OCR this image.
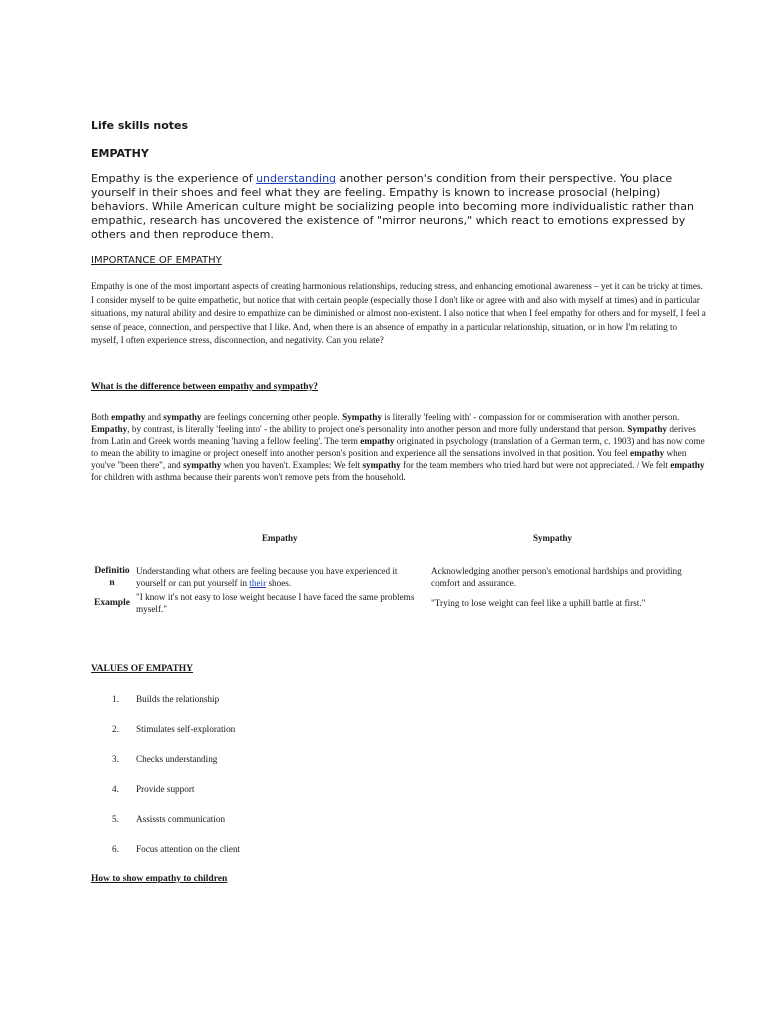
Life skills notes

EMPATHY

Empathy is the experience of understanding another person's condition from their perspective. You place yourself in their shoes and feel what they are feeling. Empathy is known to increase prosocial (helping) behaviors. While American culture might be socializing people into becoming more individualistic rather than empathic, research has uncovered the existence of "mirror neurons," which react to emotions expressed by others and then reproduce them.

IMPORTANCE OF EMPATHY

Empathy is one of the most important aspects of creating harmonious relationships, reducing stress, and enhancing emotional awareness – yet it can be tricky at times. I consider myself to be quite empathetic, but notice that with certain people (especially those I don't like or agree with and also with myself at times) and in particular situations, my natural ability and desire to empathize can be diminished or almost non-existent. I also notice that when I feel empathy for others and for myself, I feel a sense of peace, connection, and perspective that I like. And, when there is an absence of empathy in a particular relationship, situation, or in how I'm relating to myself, I often experience stress, disconnection, and negativity. Can you relate?

What is the difference between empathy and sympathy?

Both empathy and sympathy are feelings concerning other people. Sympathy is literally 'feeling with' - compassion for or commiseration with another person. Empathy, by contrast, is literally 'feeling into' - the ability to project one's personality into another person and more fully understand that person. Sympathy derives from Latin and Greek words meaning 'having a fellow feeling'. The term empathy originated in psychology (translation of a German term, c. 1903) and has now come to mean the ability to imagine or project oneself into another person's position and experience all the sensations involved in that position. You feel empathy when you've "been there", and sympathy when you haven't. Examples: We felt sympathy for the team members who tried hard but were not appreciated. / We felt empathy for children with asthma because their parents won't remove pets from the household.

Empathy	Sympathy

Definitio
n

Understanding what others are feeling because you have experienced it yourself or can put yourself in their shoes.

Acknowledging another person's emotional hardships and providing comfort and assurance.

Example

"I know it's not easy to lose weight because I have faced the same problems myself."

"Trying to lose weight can feel like a uphill battle at first."

VALUES OF EMPATHY

1. Builds the relationship

2. Stimulates self-exploration

3. Checks understanding

4. Provide support

5. Assissts communication

6. Focus attention on the client

How to show empathy to children
